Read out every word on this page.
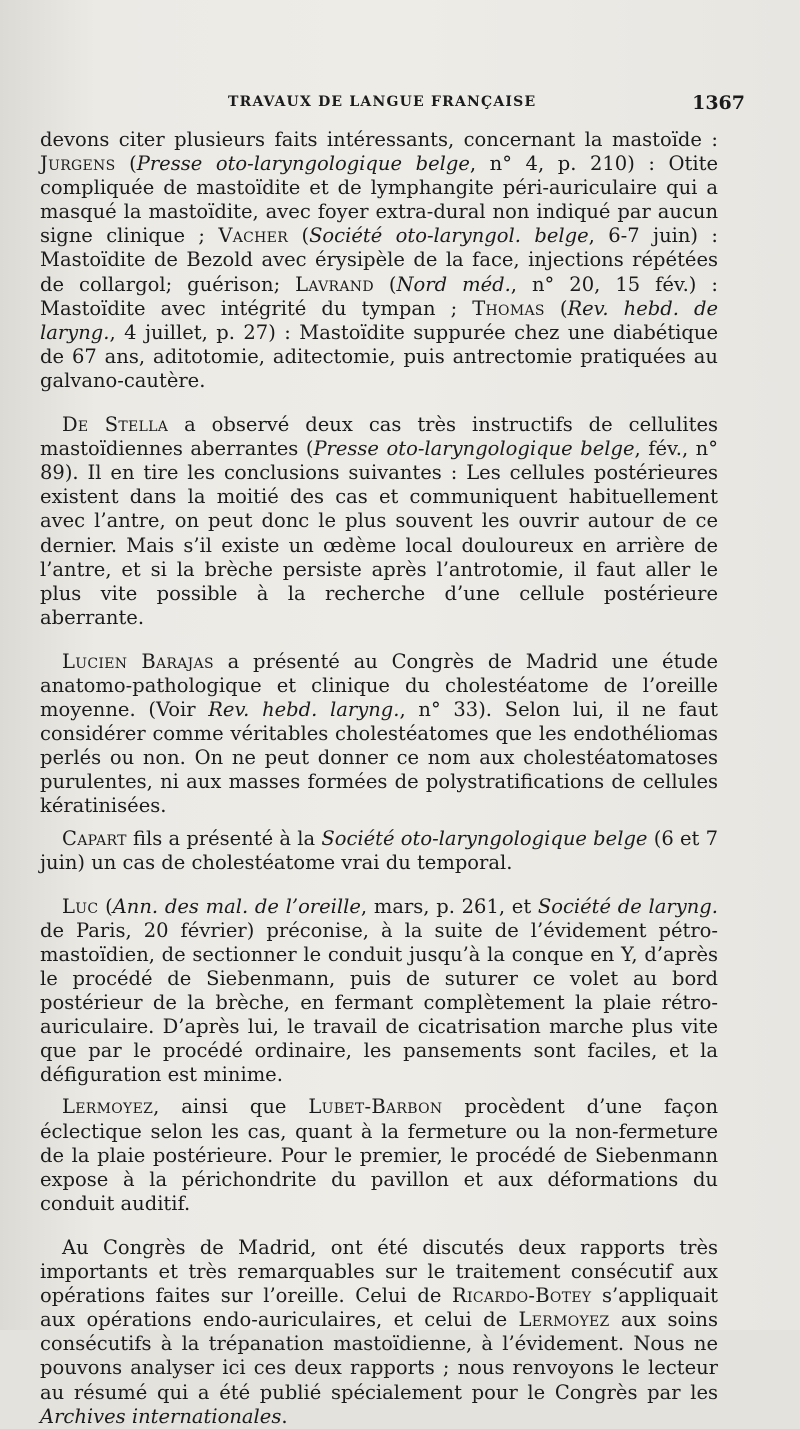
TRAVAUX DE LANGUE FRANÇAISE	1367

devons citer plusieurs faits intéressants, concernant la mastoïde : Jurgens (Presse oto-laryngologique belge, n° 4, p. 210) : Otite compliquée de mastoïdite et de lymphangite péri-auriculaire qui a masqué la mastoïdite, avec foyer extra-dural non indiqué par aucun signe clinique ; Vacher (Société oto-laryngol. belge, 6-7 juin) : Mastoïdite de Bezold avec érysipèle de la face, injections répétées de collargol; guérison; Lavrand (Nord méd., n° 20, 15 fév.) : Mastoïdite avec intégrité du tympan ; Thomas (Rev. hebd. de laryng., 4 juillet, p. 27) : Mastoïdite suppurée chez une diabétique de 67 ans, aditotomie, aditectomie, puis antrectomie pratiquées au galvano-cautère.

De Stella a observé deux cas très instructifs de cellulites mastoïdiennes aberrantes (Presse oto-laryngologique belge, fév., n° 89). Il en tire les conclusions suivantes : Les cellules postérieures existent dans la moitié des cas et communiquent habituellement avec l’antre, on peut donc le plus souvent les ouvrir autour de ce dernier. Mais s’il existe un œdème local douloureux en arrière de l’antre, et si la brèche persiste après l’antrotomie, il faut aller le plus vite possible à la recherche d’une cellule postérieure aberrante.

Lucien Barajas a présenté au Congrès de Madrid une étude anatomo-pathologique et clinique du cholestéatome de l’oreille moyenne. (Voir Rev. hebd. laryng., n° 33). Selon lui, il ne faut considérer comme véritables cholestéatomes que les endothéliomas perlés ou non. On ne peut donner ce nom aux cholestéatomatoses purulentes, ni aux masses formées de polystratifications de cellules kératinisées.

Capart fils a présenté à la Société oto-laryngologique belge (6 et 7 juin) un cas de cholestéatome vrai du temporal.

Luc (Ann. des mal. de l’oreille, mars, p. 261, et Société de laryng. de Paris, 20 février) préconise, à la suite de l’évidement pétro-mastoïdien, de sectionner le conduit jusqu’à la conque en Y, d’après le procédé de Siebenmann, puis de suturer ce volet au bord postérieur de la brèche, en fermant complètement la plaie rétro-auriculaire. D’après lui, le travail de cicatrisation marche plus vite que par le procédé ordinaire, les pansements sont faciles, et la défiguration est minime.

Lermoyez, ainsi que Lubet-Barbon procèdent d’une façon éclectique selon les cas, quant à la fermeture ou la non-fermeture de la plaie postérieure. Pour le premier, le procédé de Siebenmann expose à la périchondrite du pavillon et aux déformations du conduit auditif.

Au Congrès de Madrid, ont été discutés deux rapports très importants et très remarquables sur le traitement consécutif aux opérations faites sur l’oreille. Celui de Ricardo-Botey s’appliquait aux opérations endo-auriculaires, et celui de Lermoyez aux soins consécutifs à la trépanation mastoïdienne, à l’évidement. Nous ne pouvons analyser ici ces deux rapports ; nous renvoyons le lecteur au résumé qui a été publié spécialement pour le Congrès par les Archives internationales.
